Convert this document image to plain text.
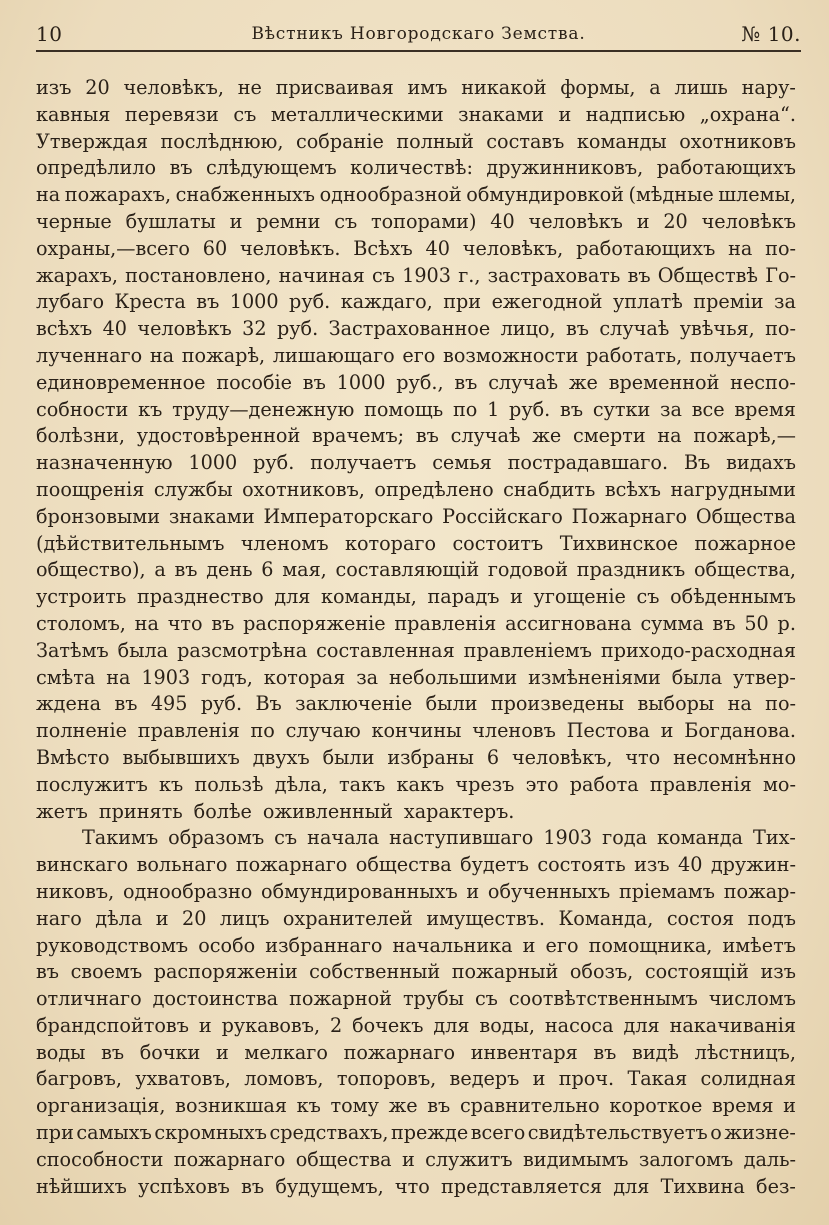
10	Вѣстникъ Новгородскаго Земства.	№ 10.
изъ 20 человѣкъ, не присваивая имъ никакой формы, а лишь нару-
кавныя перевязи съ металлическими знаками и надписью „охрана“.
Утверждая послѣднюю, собраніе полный составъ команды охотниковъ
опредѣлило въ слѣдующемъ количествѣ: дружинниковъ, работающихъ
на пожарахъ, снабженныхъ однообразной обмундировкой (мѣдные шлемы,
черные бушлаты и ремни съ топорами) 40 человѣкъ и 20 человѣкъ
охраны,—всего 60 человѣкъ. Всѣхъ 40 человѣкъ, работающихъ на по-
жарахъ, постановлено, начиная съ 1903 г., застраховать въ Обществѣ Го-
лубаго Креста въ 1000 руб. каждаго, при ежегодной уплатѣ преміи за
всѣхъ 40 человѣкъ 32 руб. Застрахованное лицо, въ случаѣ увѣчья, по-
лученнаго на пожарѣ, лишающаго его возможности работать, получаетъ
единовременное пособіе въ 1000 руб., въ случаѣ же временной неспо-
собности къ труду—денежную помощь по 1 руб. въ сутки за все время
болѣзни, удостовѣренной врачемъ; въ случаѣ же смерти на пожарѣ,—
назначенную 1000 руб. получаетъ семья пострадавшаго. Въ видахъ
поощренія службы охотниковъ, опредѣлено снабдить всѣхъ нагрудными
бронзовыми знаками Императорскаго Россійскаго Пожарнаго Общества
(дѣйствительнымъ членомъ котораго состоитъ Тихвинское пожарное
общество), а въ день 6 мая, составляющій годовой праздникъ общества,
устроить празднество для команды, парадъ и угощеніе съ обѣденнымъ
столомъ, на что въ распоряженіе правленія ассигнована сумма въ 50 р.
Затѣмъ была разсмотрѣна составленная правленіемъ приходо-расходная
смѣта на 1903 годъ, которая за небольшими измѣненіями была утвер-
ждена въ 495 руб. Въ заключеніе были произведены выборы на по-
полненіе правленія по случаю кончины членовъ Пестова и Богданова.
Вмѣсто выбывшихъ двухъ были избраны 6 человѣкъ, что несомнѣнно
послужитъ къ пользѣ дѣла, такъ какъ чрезъ это работа правленія мо-
жетъ принять болѣе оживленный характеръ.
Такимъ образомъ съ начала наступившаго 1903 года команда Тих-
винскаго вольнаго пожарнаго общества будетъ состоять изъ 40 дружин-
никовъ, однообразно обмундированныхъ и обученныхъ пріемамъ пожар-
наго дѣла и 20 лицъ охранителей имуществъ. Команда, состоя подъ
руководствомъ особо избраннаго начальника и его помощника, имѣетъ
въ своемъ распоряженіи собственный пожарный обозъ, состоящій изъ
отличнаго достоинства пожарной трубы съ соотвѣтственнымъ числомъ
брандспойтовъ и рукавовъ, 2 бочекъ для воды, насоса для накачиванія
воды въ бочки и мелкаго пожарнаго инвентаря въ видѣ лѣстницъ,
багровъ, ухватовъ, ломовъ, топоровъ, ведеръ и проч. Такая солидная
организація, возникшая къ тому же въ сравнительно короткое время и
при самыхъ скромныхъ средствахъ, прежде всего свидѣтельствуетъ о жизне-
способности пожарнаго общества и служитъ видимымъ залогомъ даль-
нѣйшихъ успѣховъ въ будущемъ, что представляется для Тихвина без-
